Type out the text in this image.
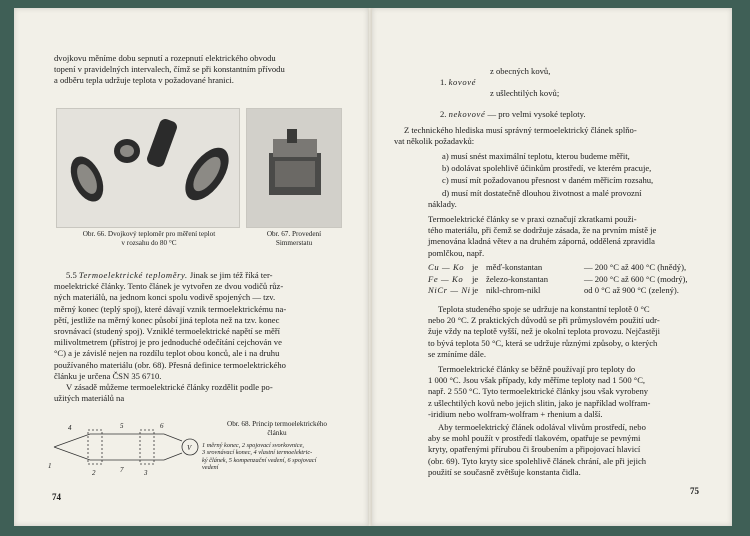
dvojkovu měníme dobu sepnutí a rozepnutí elektrického obvodu

topení v pravidelných intervalech, čímž se při konstantním přívodu

a odběru tepla udržuje teplota v požadované hranici.

Obr. 66. Dvojkový teploměr pro měření teplot

v rozsahu do 80 °C

Obr. 67. Provedení

Simmerstatu

5.5 Termoelektrické teploměry. Jinak se jim též říká ter-

moelektrické články. Tento článek je vytvořen ze dvou vodičů růz-

ných materiálů, na jednom konci spolu vodivě spojených — tzv.

měrný konec (teplý spoj), které dávají vznik termoelektrickému na-

pětí, jestliže na měrný konec působí jiná teplota než na tzv. konec

srovnávací (studený spoj). Vzniklé termoelektrické napětí se měří

milivoltmetrem (přístroj je pro jednoduché odečítání cejchován ve

°C) a je závislé nejen na rozdílu teplot obou konců, ale i na druhu

používaného materiálu (obr. 68). Přesná definice termoelektrického

článku je určena ČSN 35 6710.

V zásadě můžeme termoelektrické články rozdělit podle po-

užitých materiálů na

1
2	3
4	5	6
7
V

Obr. 68. Princip termoelektrického

článku

1 měrný konec, 2 spojovací svorkovnice,

3 srovnávací konec, 4 vlastní termoelektric-

ký článek, 5 kompenzační vedení, 6 spojovací

vedení

74
z obecných kovů,
1. kovové
z ušlechtilých kovů;
2. nekovové — pro velmi vysoké teploty.

Z technického hlediska musí správný termoelektrický článek splňo-

vat několik požadavků:

a) musí snést maximální teplotu, kterou budeme měřit,

b) odolávat spolehlivě účinkům prostředí, ve kterém pracuje,

c) musí mít požadovanou přesnost v daném měřicím rozsahu,

d) musí mít dostatečně dlouhou životnost a malé provozní

náklady.

Termoelektrické články se v praxi označují zkratkami použi-

tého materiálu, při čemž se dodržuje zásada, že na prvním místě je

jmenována kladná větev a na druhém záporná, oddělená zpravidla

pomlčkou, např.

Cu — Ko je měď-konstantan	— 200 °C až 400 °C (hnědý),
Fe — Ko	je železo-konstantan	— 200 °C až 600 °C (modrý),
NiCr — Ni je nikl-chrom-nikl	od 0 °C až 900 °C (zelený).

Teplota studeného spoje se udržuje na konstantní teplotě 0 °C

nebo 20 °C. Z praktických důvodů se při průmyslovém použití udr-

žuje vždy na teplotě vyšší, než je okolní teplota provozu. Nejčastěji

to bývá teplota 50 °C, která se udržuje různými způsoby, o kterých

se zmíníme dále.

Termoelektrické články se běžně používají pro teploty do

1 000 °C. Jsou však případy, kdy měříme teploty nad 1 500 °C,

např. 2 550 °C. Tyto termoelektrické články jsou však vyrobeny

z ušlechtilých kovů nebo jejich slitin, jako je například wolfram-

-iridium nebo wolfram-wolfram + rhenium a další.

Aby termoelektrický článek odolával vlivům prostředí, nebo

aby se mohl použít v prostředí tlakovém, opatřuje se pevnými

kryty, opatřenými přírubou či šroubením a připojovací hlavicí

(obr. 69). Tyto kryty sice spolehlivě článek chrání, ale při jejich

použití se současně zvětšuje konstanta čidla.

75
